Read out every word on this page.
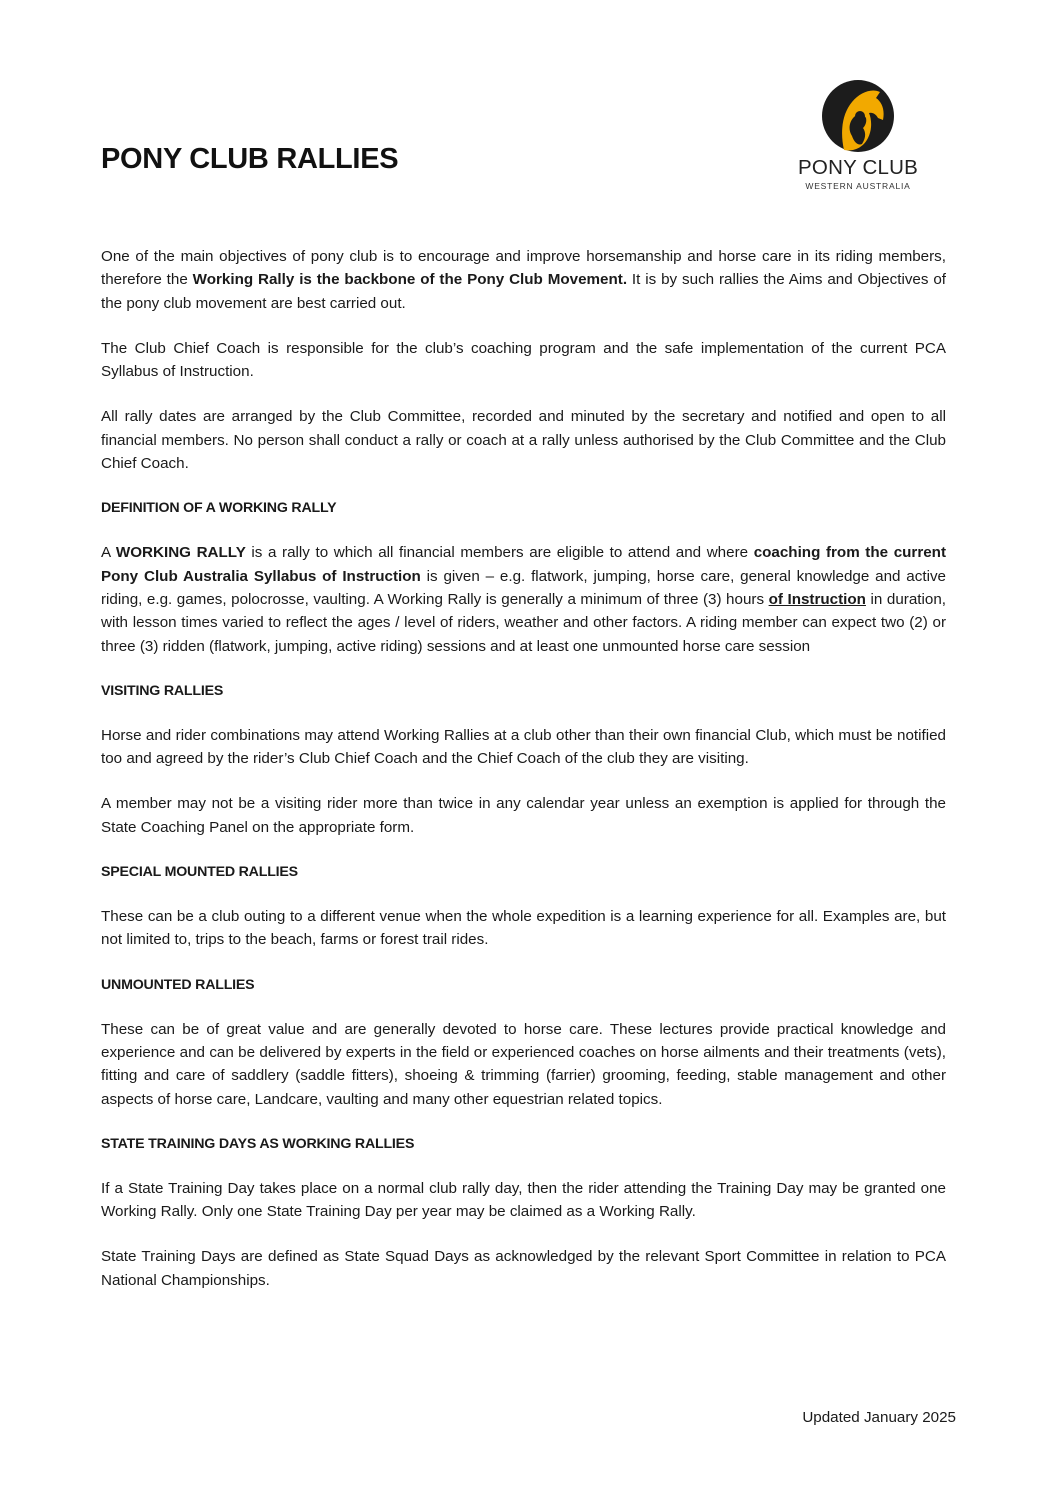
PONY CLUB RALLIES	PONY CLUB
WESTERN AUSTRALIA

One of the main objectives of pony club is to encourage and improve horsemanship and horse care in its riding members, therefore the Working Rally is the backbone of the Pony Club Movement. It is by such rallies the Aims and Objectives of the pony club movement are best carried out.

The Club Chief Coach is responsible for the club’s coaching program and the safe implementation of the current PCA Syllabus of Instruction.

All rally dates are arranged by the Club Committee, recorded and minuted by the secretary and notified and open to all financial members. No person shall conduct a rally or coach at a rally unless authorised by the Club Committee and the Club Chief Coach.

DEFINITION OF A WORKING RALLY

A WORKING RALLY is a rally to which all financial members are eligible to attend and where coaching from the current Pony Club Australia Syllabus of Instruction is given – e.g. flatwork, jumping, horse care, general knowledge and active riding, e.g. games, polocrosse, vaulting. A Working Rally is generally a minimum of three (3) hours of Instruction in duration, with lesson times varied to reflect the ages / level of riders, weather and other factors. A riding member can expect two (2) or three (3) ridden (flatwork, jumping, active riding) sessions and at least one unmounted horse care session

VISITING RALLIES

Horse and rider combinations may attend Working Rallies at a club other than their own financial Club, which must be notified too and agreed by the rider’s Club Chief Coach and the Chief Coach of the club they are visiting.

A member may not be a visiting rider more than twice in any calendar year unless an exemption is applied for through the State Coaching Panel on the appropriate form.

SPECIAL MOUNTED RALLIES

These can be a club outing to a different venue when the whole expedition is a learning experience for all. Examples are, but not limited to, trips to the beach, farms or forest trail rides.

UNMOUNTED RALLIES

These can be of great value and are generally devoted to horse care. These lectures provide practical knowledge and experience and can be delivered by experts in the field or experienced coaches on horse ailments and their treatments (vets), fitting and care of saddlery (saddle fitters), shoeing & trimming (farrier) grooming, feeding, stable management and other aspects of horse care, Landcare, vaulting and many other equestrian related topics.

STATE TRAINING DAYS AS WORKING RALLIES

If a State Training Day takes place on a normal club rally day, then the rider attending the Training Day may be granted one Working Rally. Only one State Training Day per year may be claimed as a Working Rally.

State Training Days are defined as State Squad Days as acknowledged by the relevant Sport Committee in relation to PCA National Championships.

Updated January 2025
